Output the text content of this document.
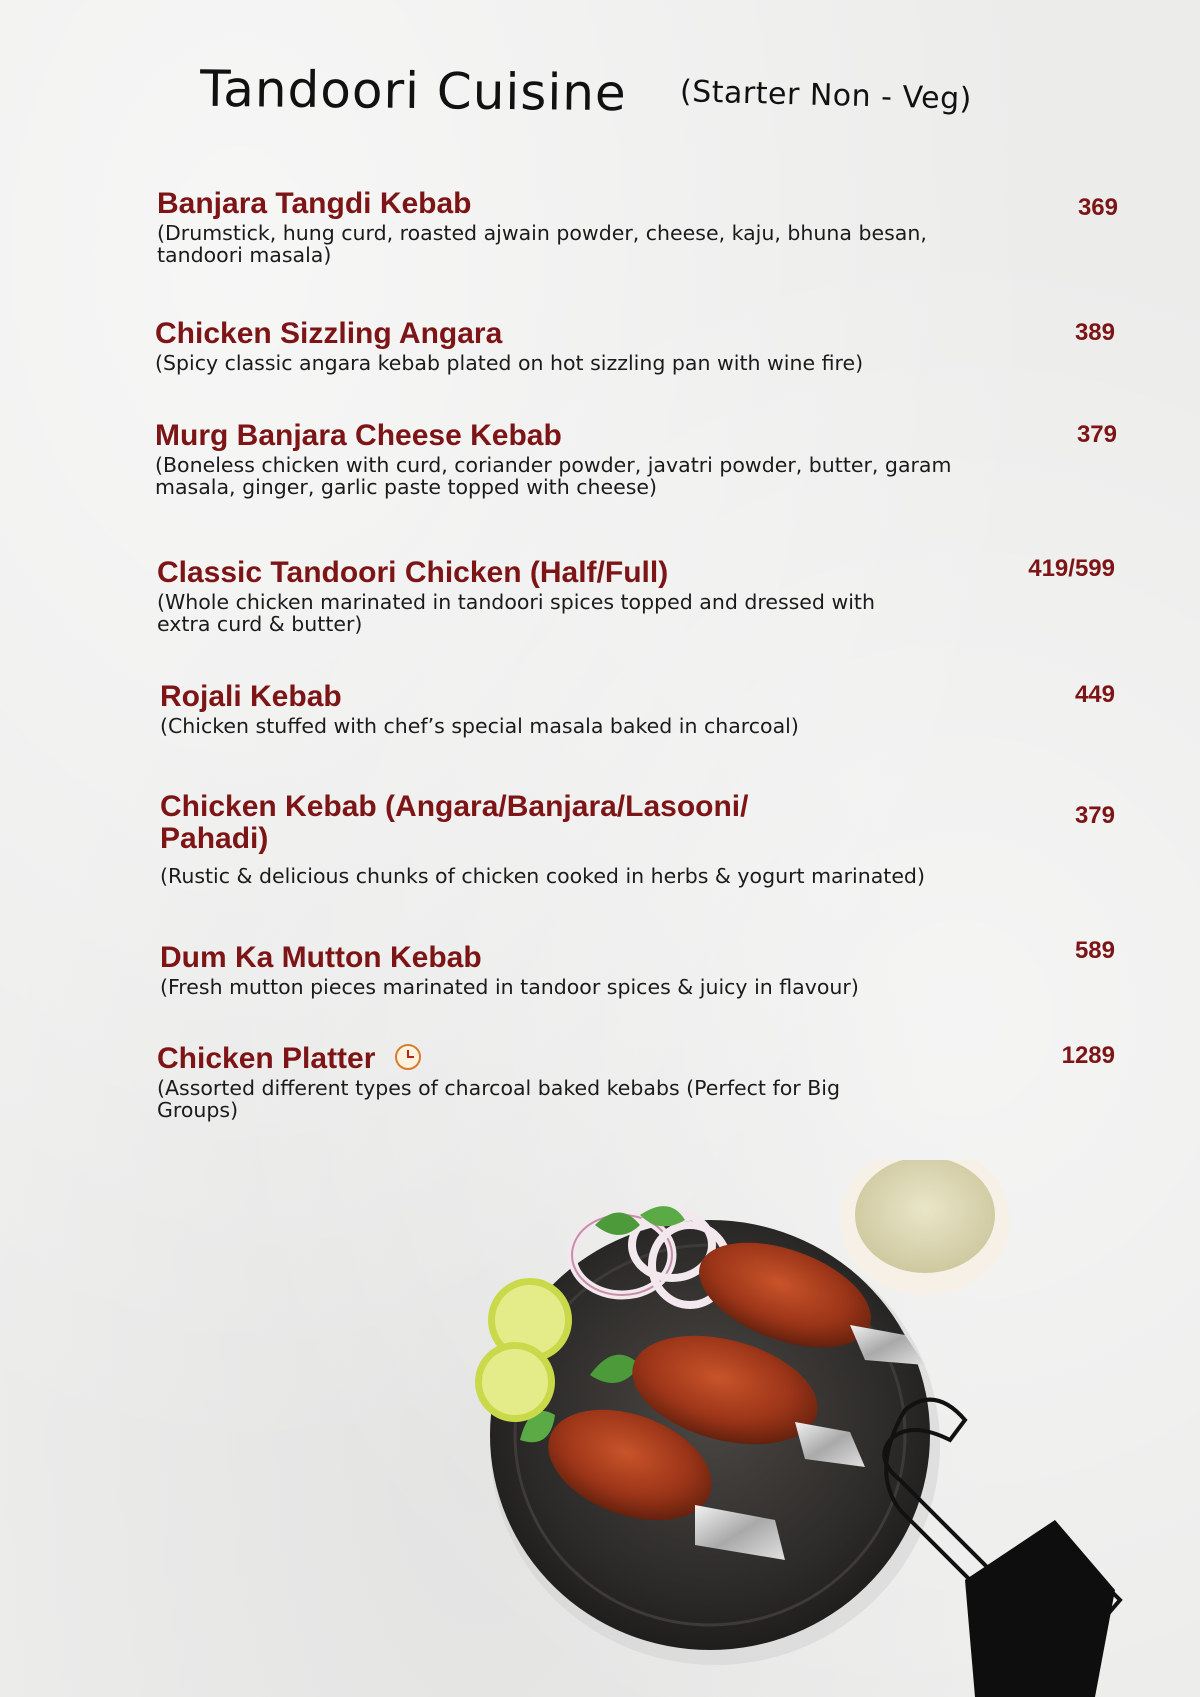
Tandoori Cuisine (Starter Non - Veg)
Banjara Tangdi Kebab
(Drumstick, hung curd, roasted ajwain powder, cheese, kaju, bhuna besan,
tandoori masala)
369
Chicken Sizzling Angara
(Spicy classic angara kebab plated on hot sizzling pan with wine fire)
389
Murg Banjara Cheese Kebab
(Boneless chicken with curd, coriander powder, javatri powder, butter, garam
masala, ginger, garlic paste topped with cheese)
379
Classic Tandoori Chicken (Half/Full)
(Whole chicken marinated in tandoori spices topped and dressed with
extra curd & butter)
419/599
Rojali Kebab
(Chicken stuffed with chef’s special masala baked in charcoal)
449
Chicken Kebab (Angara/Banjara/Lasooni/
Pahadi)
(Rustic & delicious chunks of chicken cooked in herbs & yogurt marinated)
379
Dum Ka Mutton Kebab
(Fresh mutton pieces marinated in tandoor spices & juicy in flavour)
589
Chicken Platter
(Assorted different types of charcoal baked kebabs (Perfect for Big
Groups)
1289
